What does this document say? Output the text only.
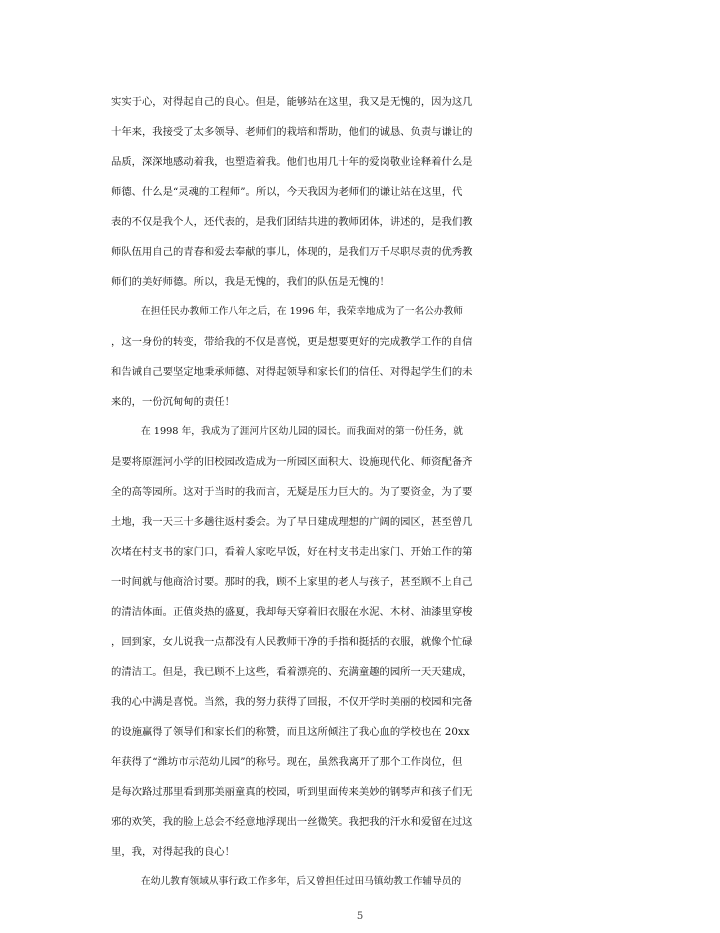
实实于心，对得起自己的良心。但是，能够站在这里，我又是无愧的，因为这几

十年来，我接受了太多领导、老师们的栽培和帮助，他们的诚恳、负责与谦让的

品质，深深地感动着我，也塑造着我。他们也用几十年的爱岗敬业诠释着什么是

师德、什么是“灵魂的工程师”。所以，今天我因为老师们的谦让站在这里，代

表的不仅是我个人，还代表的，是我们团结共进的教师团体，讲述的，是我们教

师队伍用自己的青春和爱去奉献的事儿，体现的，是我们万千尽职尽责的优秀教

师们的美好师德。所以，我是无愧的，我们的队伍是无愧的！

在担任民办教师工作八年之后，在 1996 年，我荣幸地成为了一名公办教师

，这一身份的转变，带给我的不仅是喜悦，更是想要更好的完成教学工作的自信

和告诫自己要坚定地秉承师德、对得起领导和家长们的信任、对得起学生们的未

来的，一份沉甸甸的责任！

在 1998 年，我成为了涯河片区幼儿园的园长。而我面对的第一份任务，就

是要将原涯河小学的旧校园改造成为一所园区面积大、设施现代化、师资配备齐

全的高等园所。这对于当时的我而言，无疑是压力巨大的。为了要资金，为了要

土地，我一天三十多趟往返村委会。为了早日建成理想的广阔的园区，甚至曾几

次堵在村支书的家门口，看着人家吃早饭，好在村支书走出家门、开始工作的第

一时间就与他商洽讨要。那时的我，顾不上家里的老人与孩子，甚至顾不上自己

的清洁体面。正值炎热的盛夏，我却每天穿着旧衣服在水泥、木材、油漆里穿梭

，回到家，女儿说我一点都没有人民教师干净的手指和挺括的衣服，就像个忙碌

的清洁工。但是，我已顾不上这些，看着漂亮的、充满童趣的园所一天天建成，

我的心中满是喜悦。当然，我的努力获得了回报，不仅开学时美丽的校园和完备

的设施赢得了领导们和家长们的称赞，而且这所倾注了我心血的学校也在 20xx

年获得了“潍坊市示范幼儿园”的称号。现在，虽然我离开了那个工作岗位，但

是每次路过那里看到那美丽童真的校园，听到里面传来美妙的钢琴声和孩子们无

邪的欢笑，我的脸上总会不经意地浮现出一丝微笑。我把我的汗水和爱留在过这

里，我，对得起我的良心！

在幼儿教育领域从事行政工作多年，后又曾担任过田马镇幼教工作辅导员的

5
